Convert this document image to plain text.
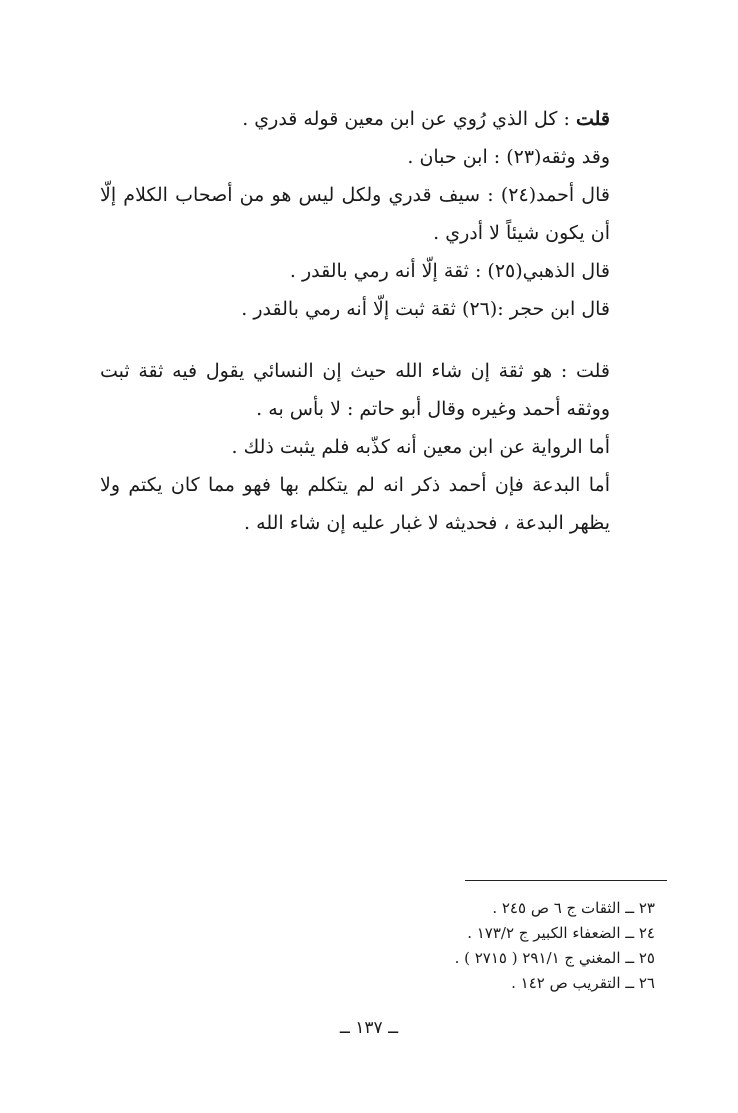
قلت : كل الذي رُوي عن ابن معين قوله قدري .

وقد وثقه(٢٣) : ابن حبان .

قال أحمد(٢٤) : سيف قدري ولكل ليس هو من أصحاب الكلام إلّا أن يكون شيئاً لا أدري .

قال الذهبي(٢٥) : ثقة إلّا أنه رمي بالقدر .

قال ابن حجر :(٢٦) ثقة ثبت إلّا أنه رمي بالقدر .

قلت : هو ثقة إن شاء الله حيث إن النسائي يقول فيه ثقة ثبت ووثقه أحمد وغيره وقال أبو حاتم : لا بأس به .

أما الرواية عن ابن معين أنه كذّبه فلم يثبت ذلك .

أما البدعة فإن أحمد ذكر انه لم يتكلم بها فهو مما كان يكتم ولا يظهر البدعة ، فحديثه لا غبار عليه إن شاء الله .

٢٣ ــ الثقات ج ٦ ص ٢٤٥ .

٢٤ ــ الضعفاء الكبير ج ١٧٣/٢ .

٢٥ ــ المغني ج ٢٩١/١ ( ٢٧١٥ ) .

٢٦ ــ التقريب ص ١٤٢ .

ــ ١٣٧ ــ
